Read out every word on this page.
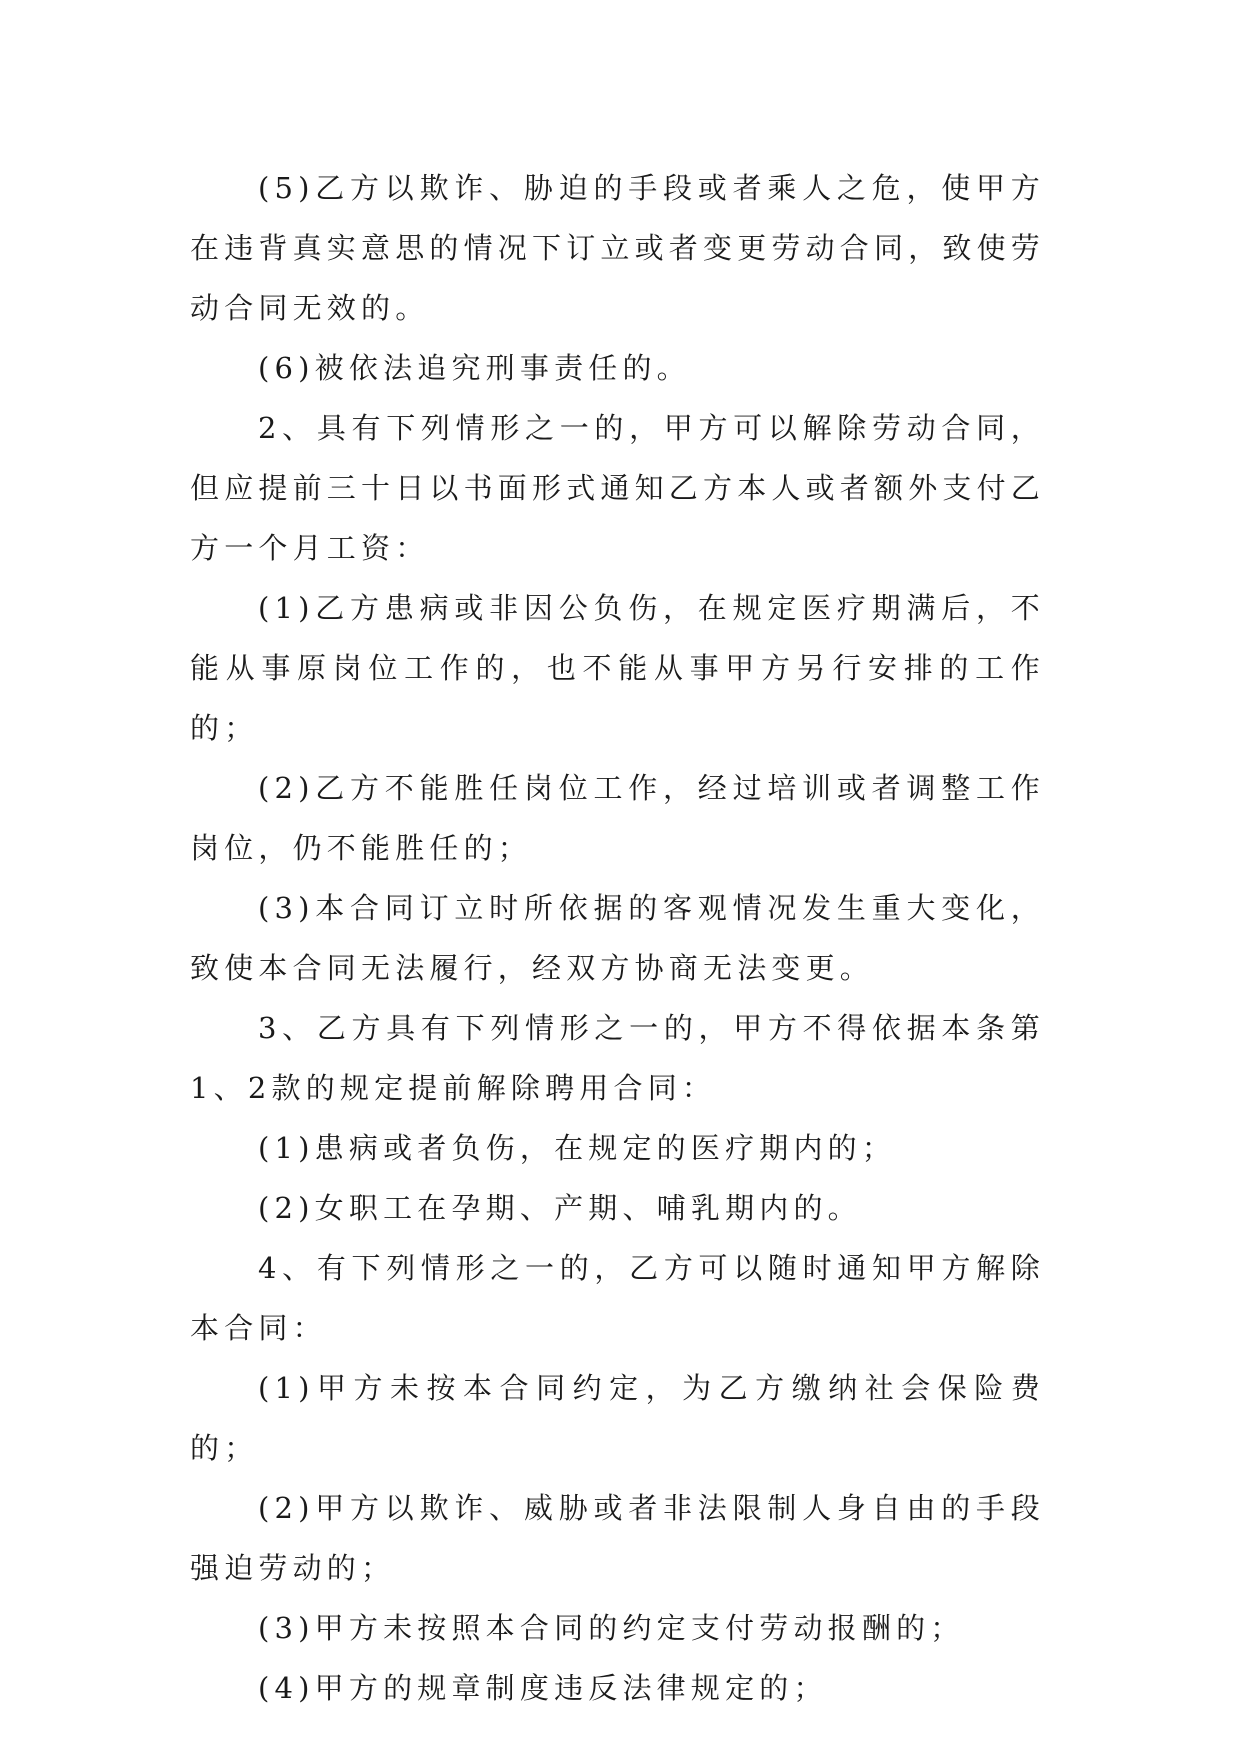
(5)乙方以欺诈、胁迫的手段或者乘人之危，使甲方在违背真实意思的情况下订立或者变更劳动合同，致使劳动合同无效的。

(6)被依法追究刑事责任的。

2、具有下列情形之一的，甲方可以解除劳动合同，但应提前三十日以书面形式通知乙方本人或者额外支付乙方一个月工资：

(1)乙方患病或非因公负伤，在规定医疗期满后，不能从事原岗位工作的，也不能从事甲方另行安排的工作的；

(2)乙方不能胜任岗位工作，经过培训或者调整工作岗位，仍不能胜任的；

(3)本合同订立时所依据的客观情况发生重大变化，致使本合同无法履行，经双方协商无法变更。

3、乙方具有下列情形之一的，甲方不得依据本条第1、2款的规定提前解除聘用合同：

(1)患病或者负伤，在规定的医疗期内的；

(2)女职工在孕期、产期、哺乳期内的。

4、有下列情形之一的，乙方可以随时通知甲方解除本合同：

(1)甲方未按本合同约定，为乙方缴纳社会保险费的；

(2)甲方以欺诈、威胁或者非法限制人身自由的手段强迫劳动的；

(3)甲方未按照本合同的约定支付劳动报酬的；

(4)甲方的规章制度违反法律规定的；
